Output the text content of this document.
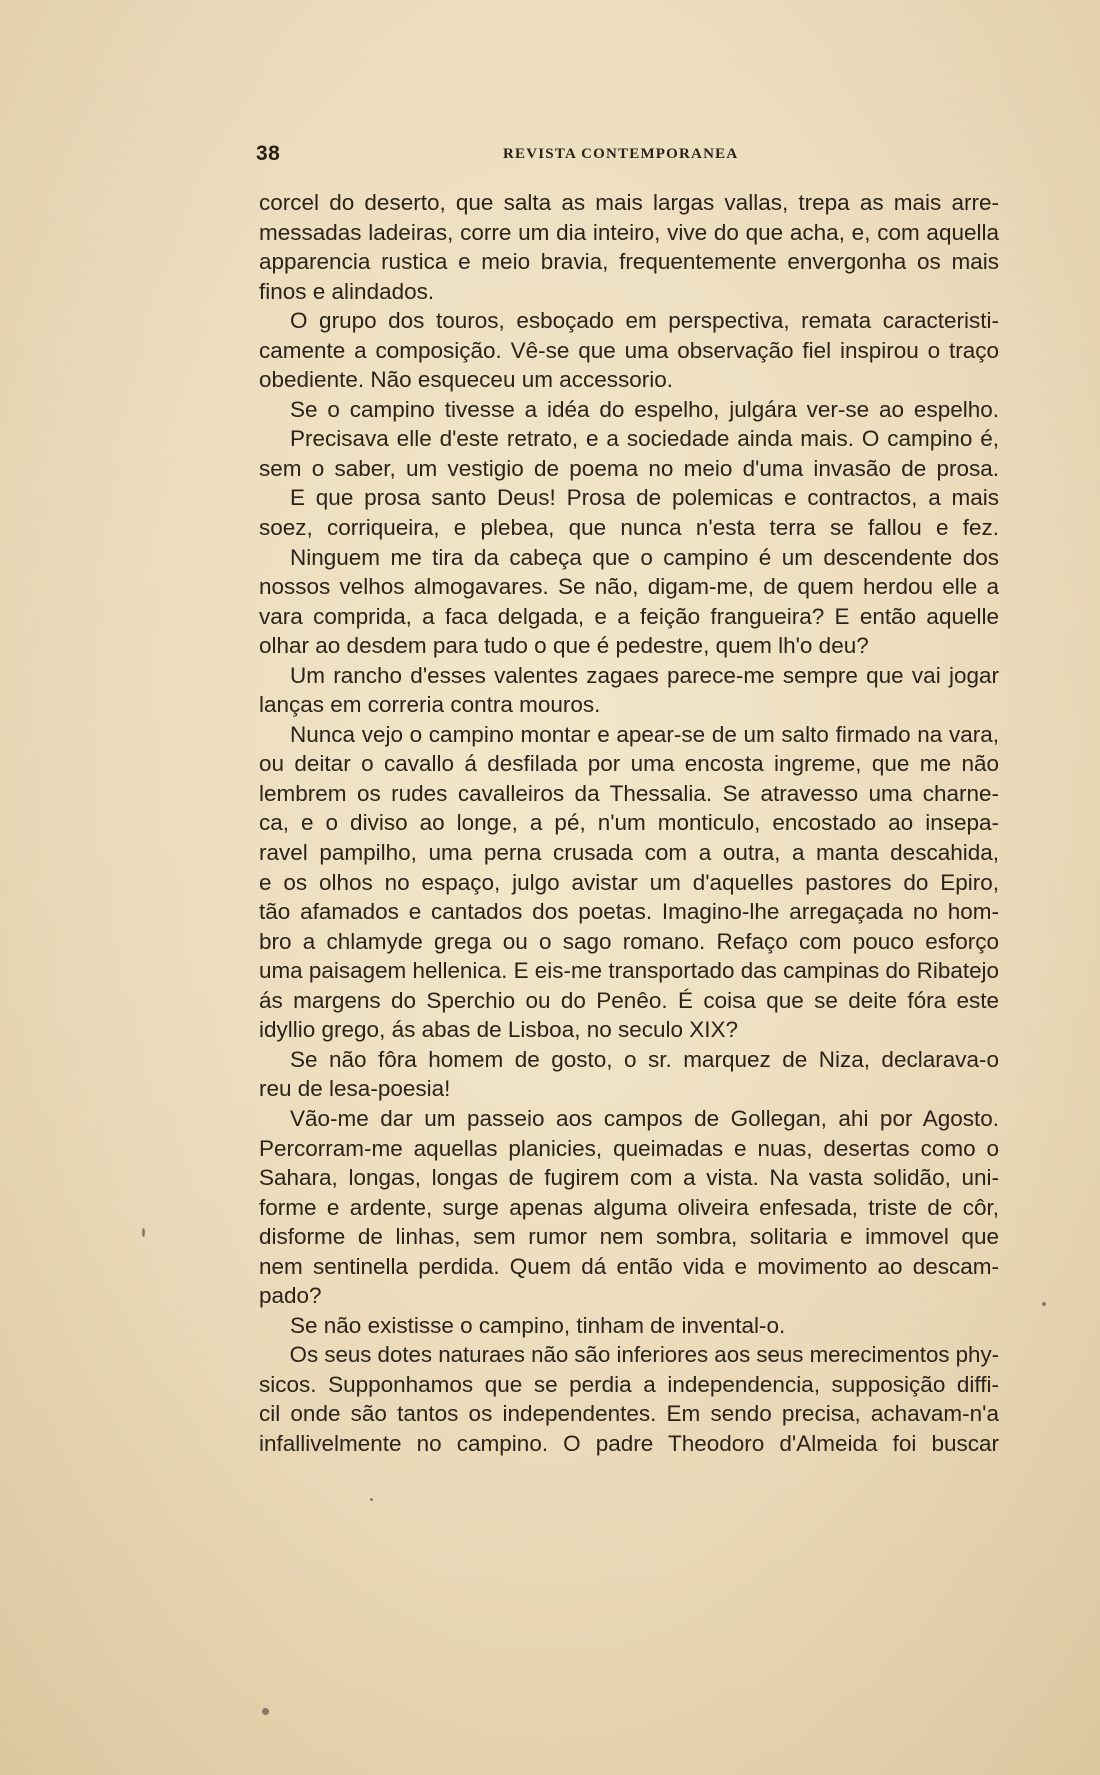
38	REVISTA CONTEMPORANEA
corcel do deserto, que salta as mais largas vallas, trepa as mais arre-
messadas ladeiras, corre um dia inteiro, vive do que acha, e, com aquella
apparencia rustica e meio bravia, frequentemente envergonha os mais
finos e alindados.
O grupo dos touros, esboçado em perspectiva, remata caracteristi-
camente a composição. Vê-se que uma observação fiel inspirou o traço
obediente. Não esqueceu um accessorio.
Se o campino tivesse a idéa do espelho, julgára ver-se ao espelho.
Precisava elle d'este retrato, e a sociedade ainda mais. O campino é,
sem o saber, um vestigio de poema no meio d'uma invasão de prosa.
E que prosa santo Deus! Prosa de polemicas e contractos, a mais
soez, corriqueira, e plebea, que nunca n'esta terra se fallou e fez.
Ninguem me tira da cabeça que o campino é um descendente dos
nossos velhos almogavares. Se não, digam-me, de quem herdou elle a
vara comprida, a faca delgada, e a feição frangueira? E então aquelle
olhar ao desdem para tudo o que é pedestre, quem lh'o deu?
Um rancho d'esses valentes zagaes parece-me sempre que vai jogar
lanças em correria contra mouros.
Nunca vejo o campino montar e apear-se de um salto firmado na vara,
ou deitar o cavallo á desfilada por uma encosta ingreme, que me não
lembrem os rudes cavalleiros da Thessalia. Se atravesso uma charne-
ca, e o diviso ao longe, a pé, n'um monticulo, encostado ao insepa-
ravel pampilho, uma perna crusada com a outra, a manta descahida,
e os olhos no espaço, julgo avistar um d'aquelles pastores do Epiro,
tão afamados e cantados dos poetas. Imagino-lhe arregaçada no hom-
bro a chlamyde grega ou o sago romano. Refaço com pouco esforço
uma paisagem hellenica. E eis-me transportado das campinas do Ribatejo
ás margens do Sperchio ou do Penêo. É coisa que se deite fóra este
idyllio grego, ás abas de Lisboa, no seculo XIX?
Se não fôra homem de gosto, o sr. marquez de Niza, declarava-o
reu de lesa-poesia!
Vão-me dar um passeio aos campos de Gollegan, ahi por Agosto.
Percorram-me aquellas planicies, queimadas e nuas, desertas como o
Sahara, longas, longas de fugirem com a vista. Na vasta solidão, uni-
forme e ardente, surge apenas alguma oliveira enfesada, triste de côr,
disforme de linhas, sem rumor nem sombra, solitaria e immovel que
nem sentinella perdida. Quem dá então vida e movimento ao descam-
pado?
Se não existisse o campino, tinham de invental-o.
Os seus dotes naturaes não são inferiores aos seus merecimentos phy-
sicos. Supponhamos que se perdia a independencia, supposição diffi-
cil onde são tantos os independentes. Em sendo precisa, achavam-n'a
infallivelmente no campino. O padre Theodoro d'Almeida foi buscar
